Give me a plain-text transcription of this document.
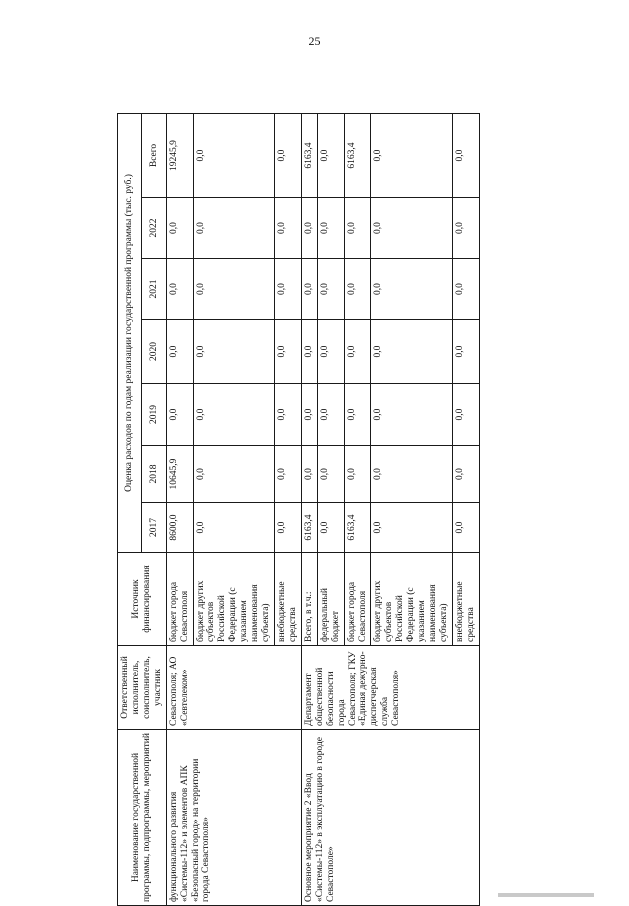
25
Наименование государственной программы, подпрограммы, мероприятий	Ответственный исполнитель, соисполнитель, участник	Источник финансирования	Оценка расходов по годам реализации государственной программы (тыс. руб.)						
			2017	2018	2019	2020	2021	2022	Всего
функционального развития «Системы-112» и элементов АПК «Безопасный город» на территории города Севастополя»	Севастополя; АО «Севтелеком»	бюджет города Севастополя	8600,0	10645,9	0,0	0,0	0,0	0,0	19245,9
		бюджет других субъектов Российской Федерации (с указанием наименования субъекта)	0,0	0,0	0,0	0,0	0,0	0,0	0,0
		внебюджетные средства	0,0	0,0	0,0	0,0	0,0	0,0	0,0
Основное мероприятие 2 «Ввод «Системы-112» в эксплуатацию в городе Севастополе»	Департамент общественной безопасности города Севастополя; ГКУ «Единая дежурно-диспетчерская служба Севастополя»	Всего, в т.ч.:	6163,4	0,0	0,0	0,0	0,0	0,0	6163,4
		федеральный бюджет	0,0	0,0	0,0	0,0	0,0	0,0	0,0
		бюджет города Севастополя	6163,4	0,0	0,0	0,0	0,0	0,0	6163,4
		бюджет других субъектов Российской Федерации (с указанием наименования субъекта)	0,0	0,0	0,0	0,0	0,0	0,0	0,0
		внебюджетные средства	0,0	0,0	0,0	0,0	0,0	0,0	0,0
